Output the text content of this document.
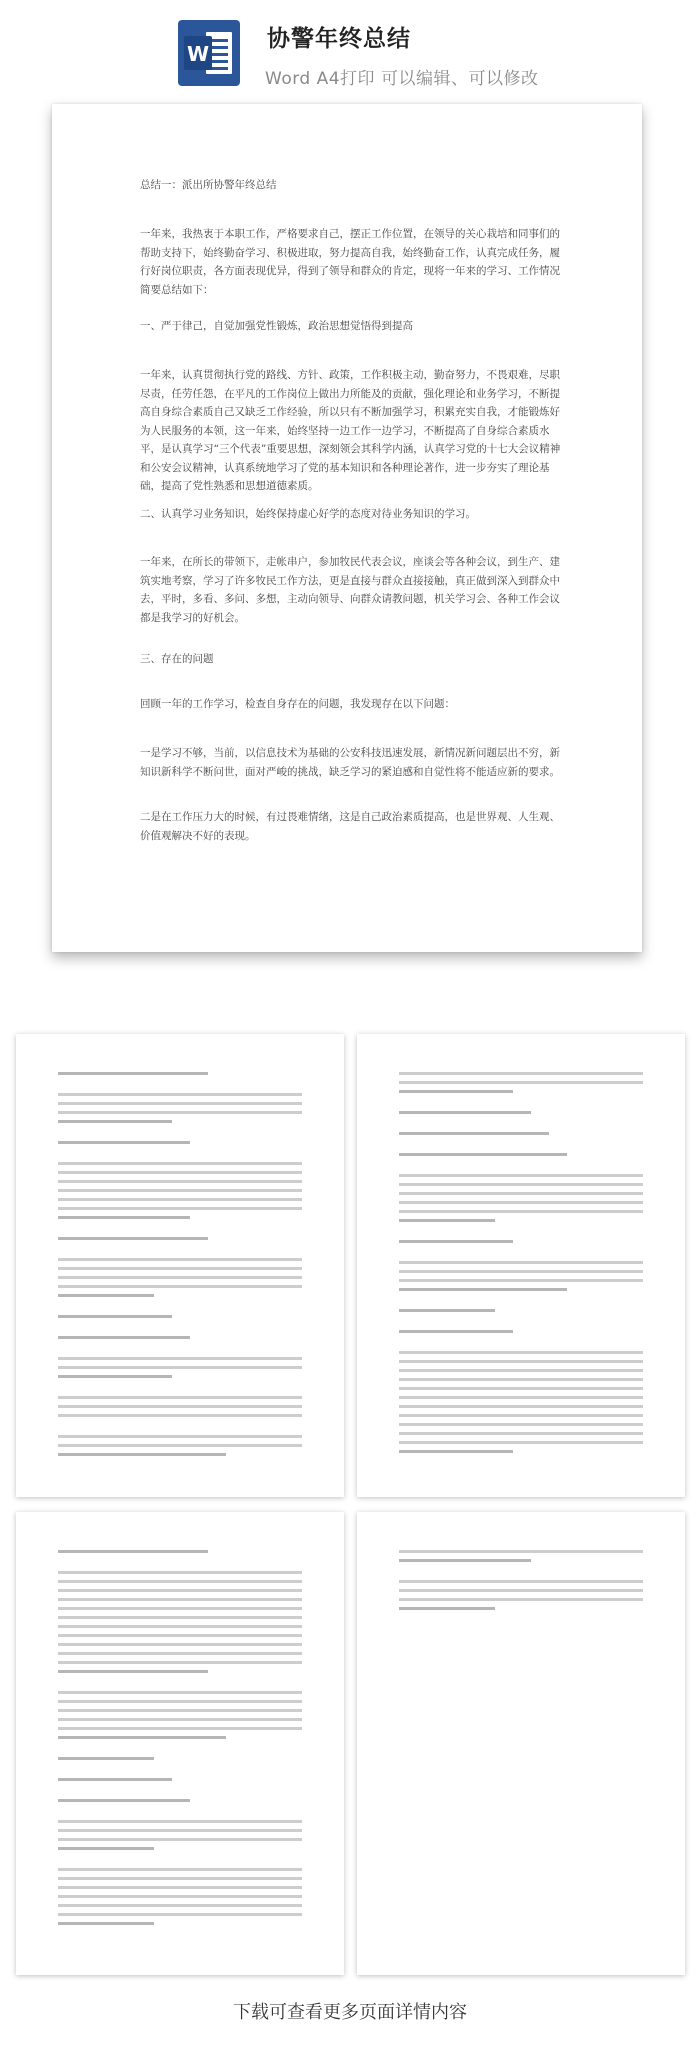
W
协警年终总结
Word A4打印 可以编辑、可以修改

总结一：派出所协警年终总结

一年来，我热衷于本职工作，严格要求自己，摆正工作位置，在领导的关心栽培和同事们的帮助支持下，始终勤奋学习、积极进取，努力提高自我，始终勤奋工作，认真完成任务，履行好岗位职责，各方面表现优异，得到了领导和群众的肯定，现将一年来的学习、工作情况简要总结如下：

一、严于律己，自觉加强党性锻炼，政治思想觉悟得到提高

一年来，认真贯彻执行党的路线、方针、政策，工作积极主动，勤奋努力，不畏艰难，尽职尽责，任劳任怨，在平凡的工作岗位上做出力所能及的贡献，强化理论和业务学习，不断提高自身综合素质自己又缺乏工作经验，所以只有不断加强学习，积累充实自我，才能锻炼好为人民服务的本领，这一年来，始终坚持一边工作一边学习，不断提高了自身综合素质水平，是认真学习“三个代表”重要思想，深刻领会其科学内涵，认真学习党的十七大会议精神和公安会议精神，认真系统地学习了党的基本知识和各种理论著作，进一步夯实了理论基础，提高了党性熟悉和思想道德素质。

二、认真学习业务知识，始终保持虚心好学的态度对待业务知识的学习。

一年来，在所长的带领下，走帐串户，参加牧民代表会议，座谈会等各种会议，到生产、建筑实地考察，学习了许多牧民工作方法，更是直接与群众直接接触，真正做到深入到群众中去，平时，多看、多问、多想，主动向领导、向群众请教问题，机关学习会、各种工作会议都是我学习的好机会。

三、存在的问题

回顾一年的工作学习，检查自身存在的问题，我发现存在以下问题：

一是学习不够，当前，以信息技术为基础的公安科技迅速发展，新情况新问题层出不穷，新知识新科学不断问世，面对严峻的挑战，缺乏学习的紧迫感和自觉性将不能适应新的要求。

二是在工作压力大的时候，有过畏难情绪，这是自己政治素质提高，也是世界观、人生观、价值观解决不好的表现。

下载可查看更多页面详情内容
